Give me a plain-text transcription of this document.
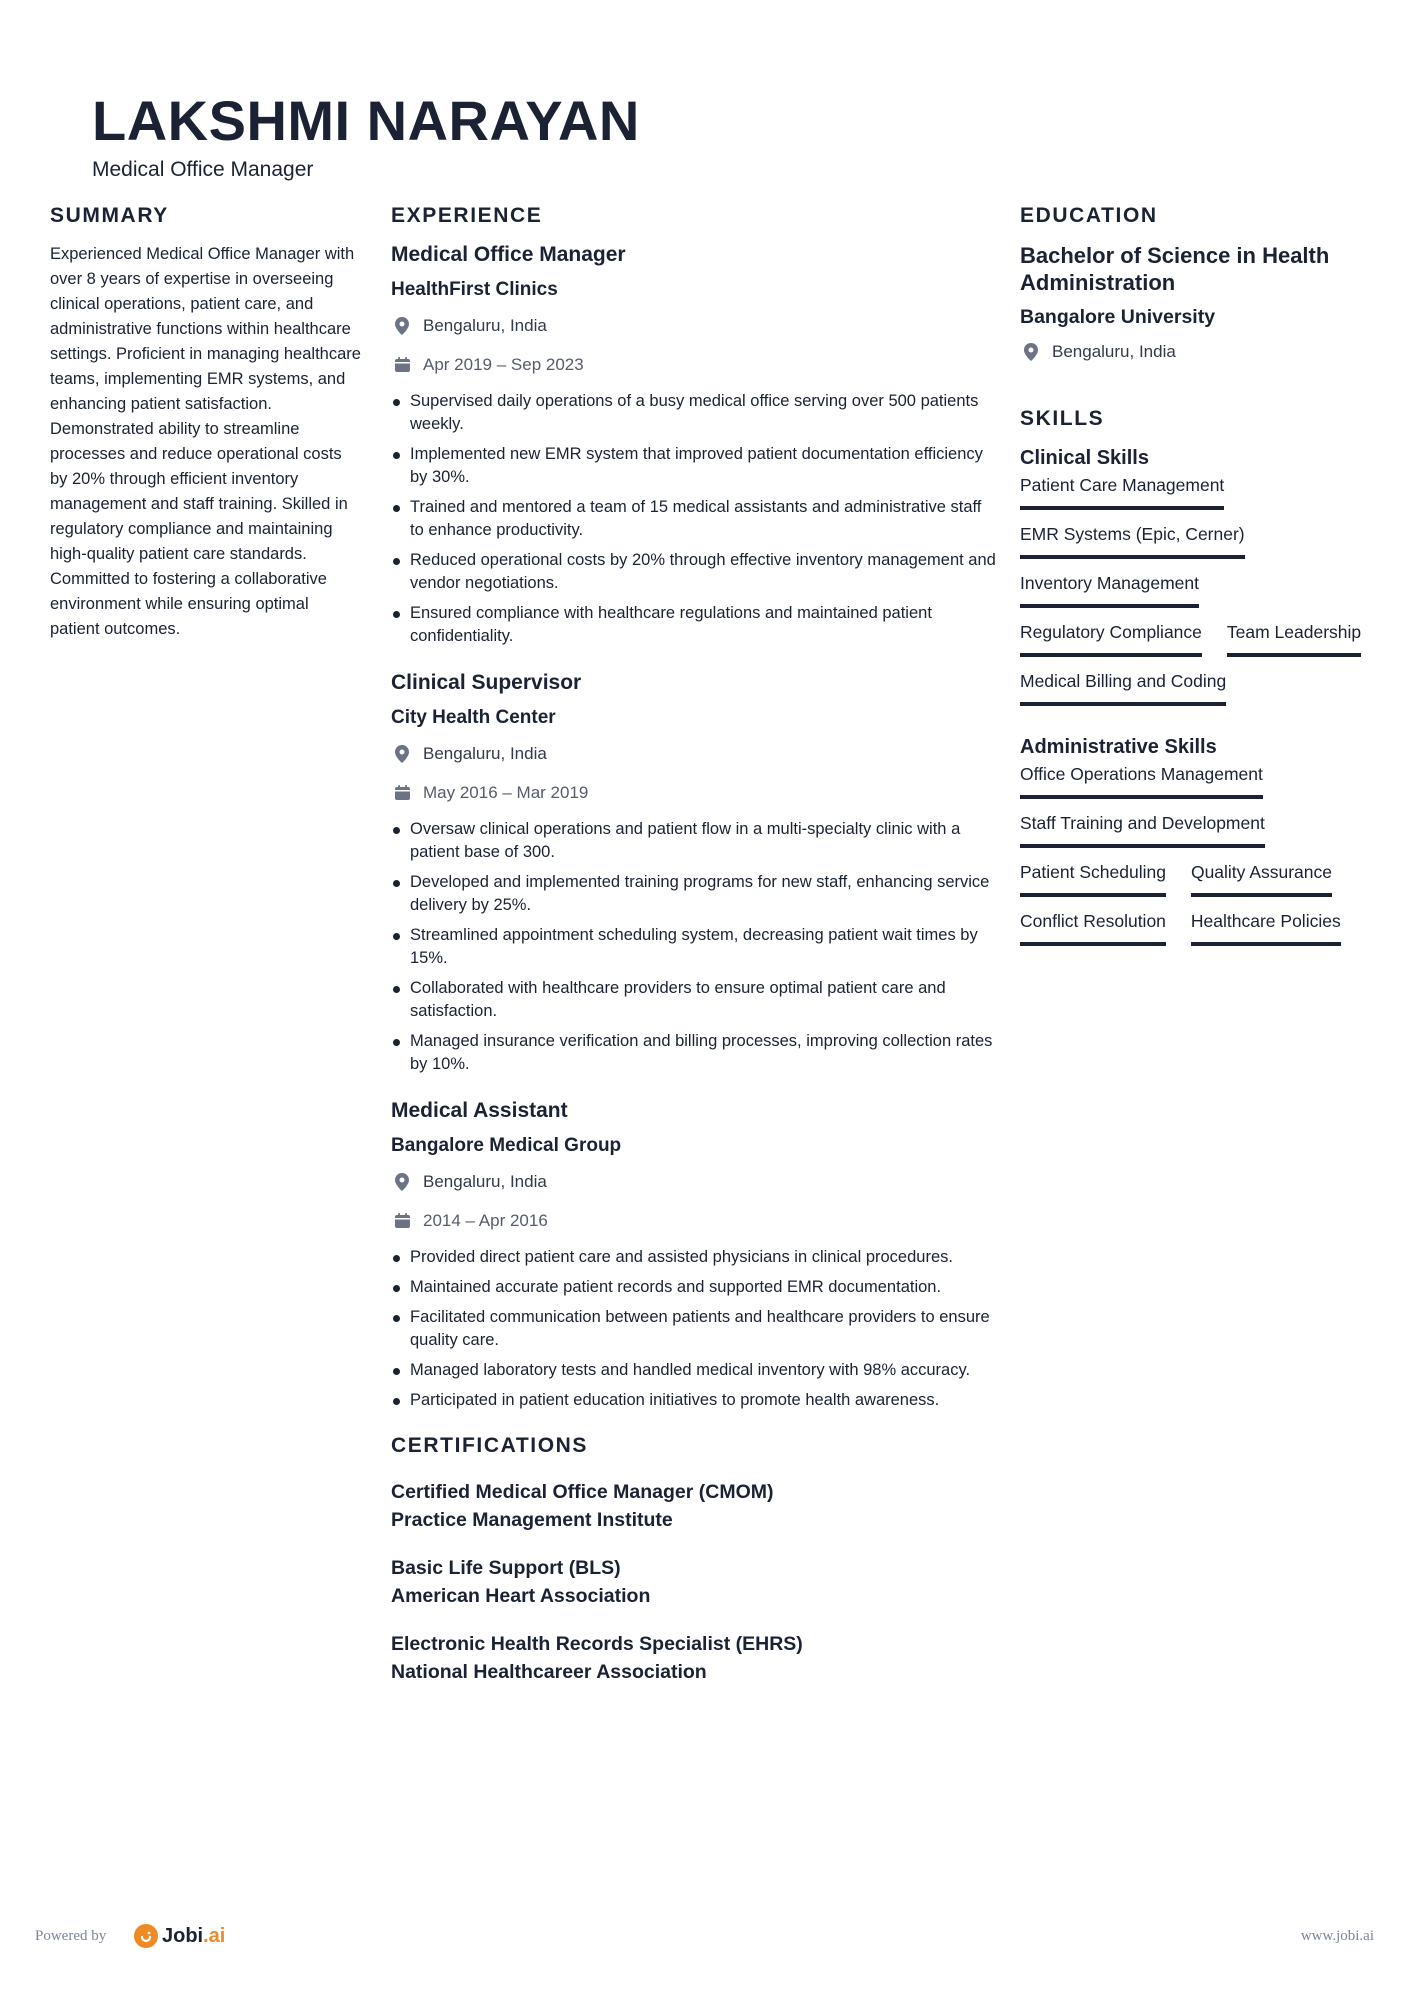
LAKSHMI NARAYAN
Medical Office Manager
SUMMARY

Experienced Medical Office Manager with over 8 years of expertise in overseeing clinical operations, patient care, and administrative functions within healthcare settings. Proficient in managing healthcare teams, implementing EMR systems, and enhancing patient satisfaction. Demonstrated ability to streamline processes and reduce operational costs by 20% through efficient inventory management and staff training. Skilled in regulatory compliance and maintaining high-quality patient care standards. Committed to fostering a collaborative environment while ensuring optimal patient outcomes.

EXPERIENCE
Medical Office Manager
HealthFirst Clinics
Bengaluru, India
Apr 2019 – Sep 2023
Supervised daily operations of a busy medical office serving over 500 patients weekly.
Implemented new EMR system that improved patient documentation efficiency by 30%.
Trained and mentored a team of 15 medical assistants and administrative staff to enhance productivity.
Reduced operational costs by 20% through effective inventory management and vendor negotiations.
Ensured compliance with healthcare regulations and maintained patient confidentiality.
Clinical Supervisor
City Health Center
Bengaluru, India
May 2016 – Mar 2019
Oversaw clinical operations and patient flow in a multi-specialty clinic with a patient base of 300.
Developed and implemented training programs for new staff, enhancing service delivery by 25%.
Streamlined appointment scheduling system, decreasing patient wait times by 15%.
Collaborated with healthcare providers to ensure optimal patient care and satisfaction.
Managed insurance verification and billing processes, improving collection rates by 10%.
Medical Assistant
Bangalore Medical Group
Bengaluru, India
2014 – Apr 2016
Provided direct patient care and assisted physicians in clinical procedures.
Maintained accurate patient records and supported EMR documentation.
Facilitated communication between patients and healthcare providers to ensure quality care.
Managed laboratory tests and handled medical inventory with 98% accuracy.
Participated in patient education initiatives to promote health awareness.
CERTIFICATIONS
Certified Medical Office Manager (CMOM)
Practice Management Institute
Basic Life Support (BLS)
American Heart Association
Electronic Health Records Specialist (EHRS)
National Healthcareer Association
EDUCATION
Bachelor of Science in Health Administration
Bangalore University
Bengaluru, India
SKILLS
Clinical Skills
Patient Care Management
EMR Systems (Epic, Cerner)
Inventory Management
Regulatory Compliance Team Leadership
Medical Billing and Coding
Administrative Skills
Office Operations Management
Staff Training and Development
Patient Scheduling Quality Assurance
Conflict Resolution Healthcare Policies
Powered by	Jobi.ai	www.jobi.ai
